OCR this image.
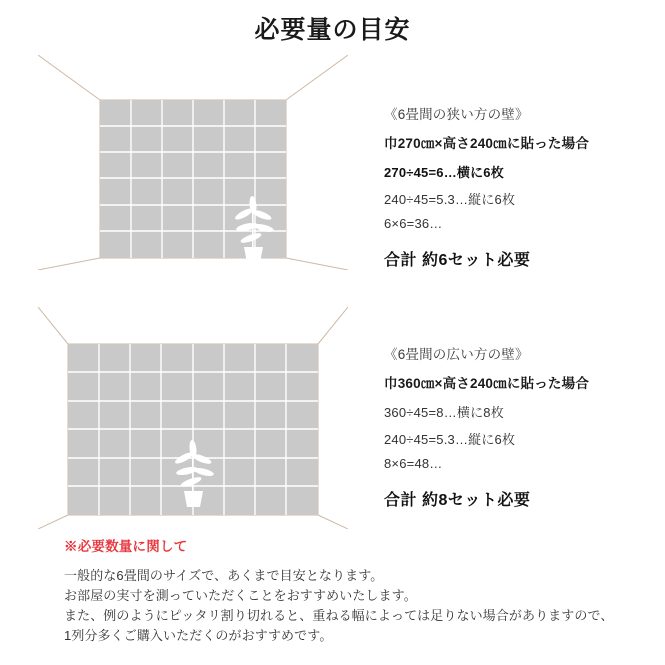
必要量の目安
《6畳間の狭い方の壁》
巾270㎝×高さ240㎝に貼った場合
270÷45=6…横に6枚
240÷45=5.3…縦に6枚
6×6=36…
合計 約6セット必要
《6畳間の広い方の壁》
巾360㎝×高さ240㎝に貼った場合
360÷45=8…横に8枚
240÷45=5.3…縦に6枚
8×6=48…
合計 約8セット必要
※必要数量に関して
一般的な6畳間のサイズで、あくまで目安となります。
お部屋の実寸を測っていただくことをおすすめいたします。
また、例のようにピッタリ割り切れると、重ねる幅によっては足りない場合がありますので、
1列分多くご購入いただくのがおすすめです。
